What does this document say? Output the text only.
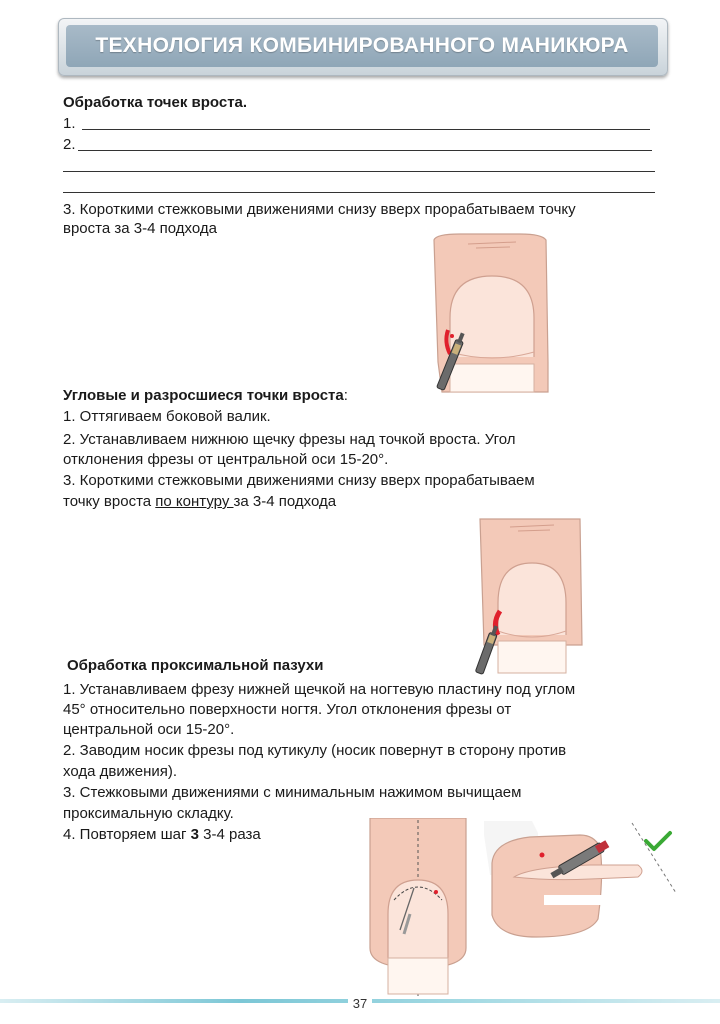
ТЕХНОЛОГИЯ КОМБИНИРОВАННОГО МАНИКЮРА
Обработка точек вроста.
1.
2.
3. Короткими стежковыми движениями снизу вверх прорабатываем точку
вроста за 3-4 подхода
Угловые и разросшиеся точки вроста:
1. Оттягиваем боковой валик.
2. Устанавливаем нижнюю щечку фрезы над точкой вроста. Угол
отклонения фрезы от центральной оси 15-20°.
3. Короткими стежковыми движениями снизу вверх прорабатываем
точку вроста по контуру за 3-4 подхода
Обработка проксимальной пазухи
1. Устанавливаем фрезу нижней щечкой на ногтевую пластину под углом
45° относительно поверхности ногтя. Угол отклонения фрезы от
центральной оси 15-20°.
2. Заводим носик фрезы под кутикулу (носик повернут в сторону против
хода движения).
3. Стежковыми движениями с минимальным нажимом вычищаем
проксимальную складку.
4. Повторяем шаг 3 3-4 раза
37
